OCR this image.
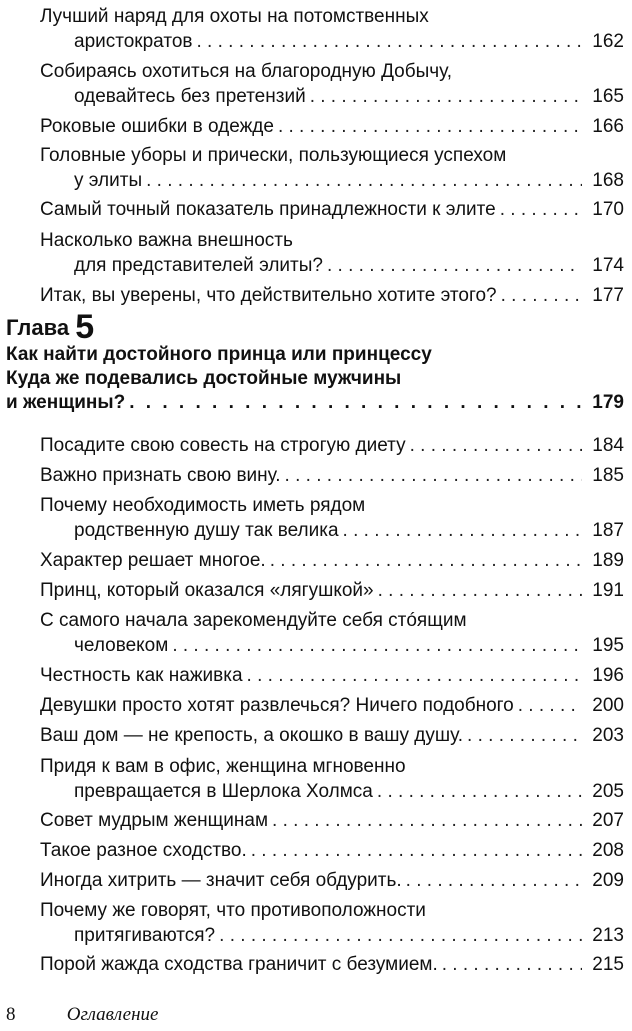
Лучший наряд для охоты на потомственных
аристократов . . .	162
Собираясь охотиться на благородную Добычу,
одевайтесь без претензий . . .	165
Роковые ошибки в одежде . . .	166
Головные уборы и прически, пользующиеся успехом
у элиты . . .	168
Самый точный показатель принадлежности к элите . . .	170
Насколько важна внешность
для представителей элиты? . . .	174
Итак, вы уверены, что действительно хотите этого? . . .	177
Глава 5
Как найти достойного принца или принцессу
Куда же подевались достойные мужчины
и женщины? . . .	179
Посадите свою совесть на строгую диету . . .	184
Важно признать свою вину. . . .	185
Почему необходимость иметь рядом
родственную душу так велика . . .	187
Характер решает многое. . . .	189
Принц, который оказался «лягушкой» . . .	191
С самого начала зарекомендуйте себя стóящим
человеком . . .	195
Честность как наживка . . .	196
Девушки просто хотят развлечься? Ничего подобного . . .	200
Ваш дом — не крепость, а окошко в вашу душу. . . .	203
Придя к вам в офис, женщина мгновенно
превращается в Шерлока Холмса . . .	205
Совет мудрым женщинам . . .	207
Такое разное сходство. . . .	208
Иногда хитрить — значит себя обдурить. . . .	209
Почему же говорят, что противоположности
притягиваются? . . .	213
Порой жажда сходства граничит с безумием. . . .	215
8	Оглавление
